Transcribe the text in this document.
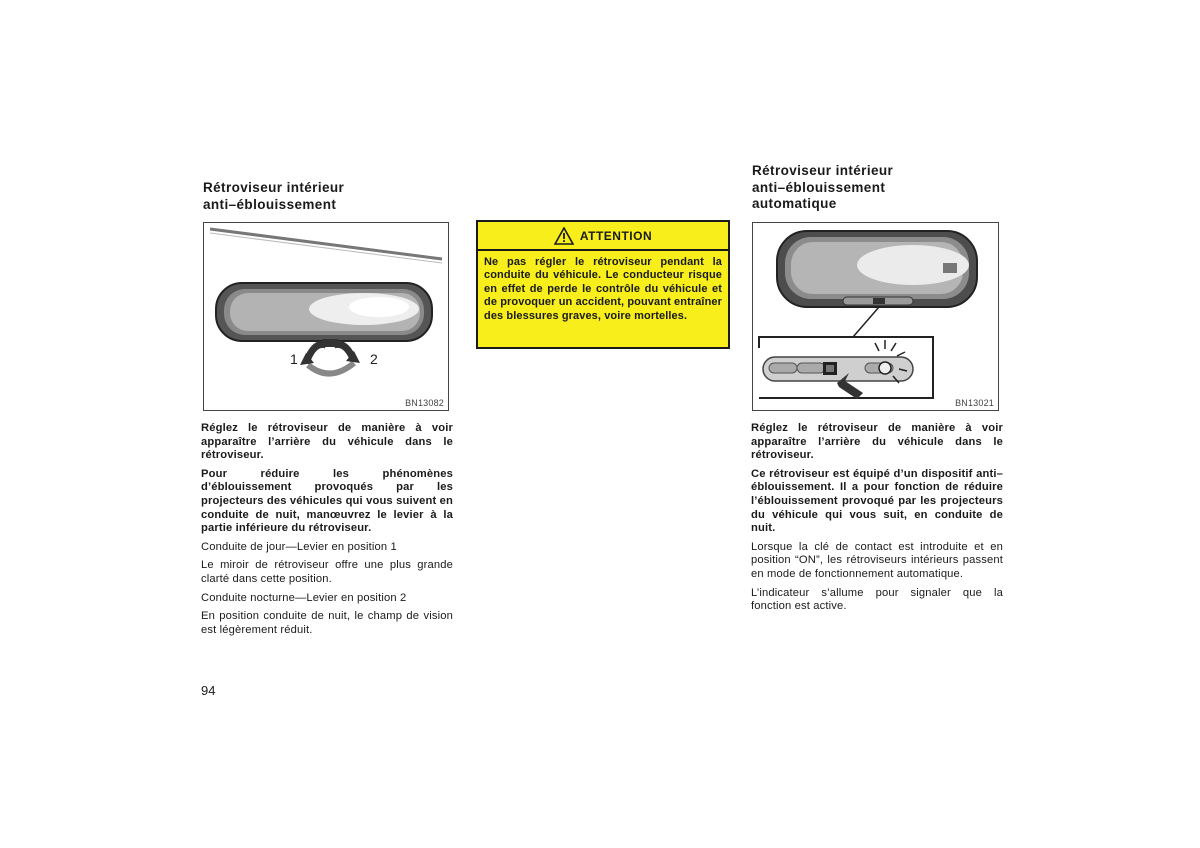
Rétroviseur intérieur

anti–éblouissement

1	2
BN13082

Réglez le rétroviseur de manière à voir apparaître l’arrière du véhicule dans le rétroviseur.

Pour réduire les phénomènes d’éblouissement provoqués par les projecteurs des véhicules qui vous suivent en conduite de nuit, manœuvrez le levier à la partie inférieure du rétroviseur.

Conduite de jour—Levier en position 1

Le miroir de rétroviseur offre une plus grande clarté dans cette position.

Conduite nocturne—Levier en position 2

En position conduite de nuit, le champ de vision est légèrement réduit.

ATTENTION
Ne pas régler le rétroviseur pendant la conduite du véhicule. Le conducteur risque en effet de perde le contrôle du véhicule et de provoquer un accident, pouvant entraîner des blessures graves, voire mortelles.

Rétroviseur intérieur

anti–éblouissement

automatique

BN13021

Réglez le rétroviseur de manière à voir apparaître l’arrière du véhicule dans le rétroviseur.

Ce rétroviseur est équipé d’un dispositif anti–éblouissement. Il a pour fonction de réduire l’éblouissement provoqué par les projecteurs du véhicule qui vous suit, en conduite de nuit.

Lorsque la clé de contact est introduite et en position “ON”, les rétroviseurs intérieurs passent en mode de fonctionnement automatique.

L’indicateur s’allume pour signaler que la fonction est active.

94
